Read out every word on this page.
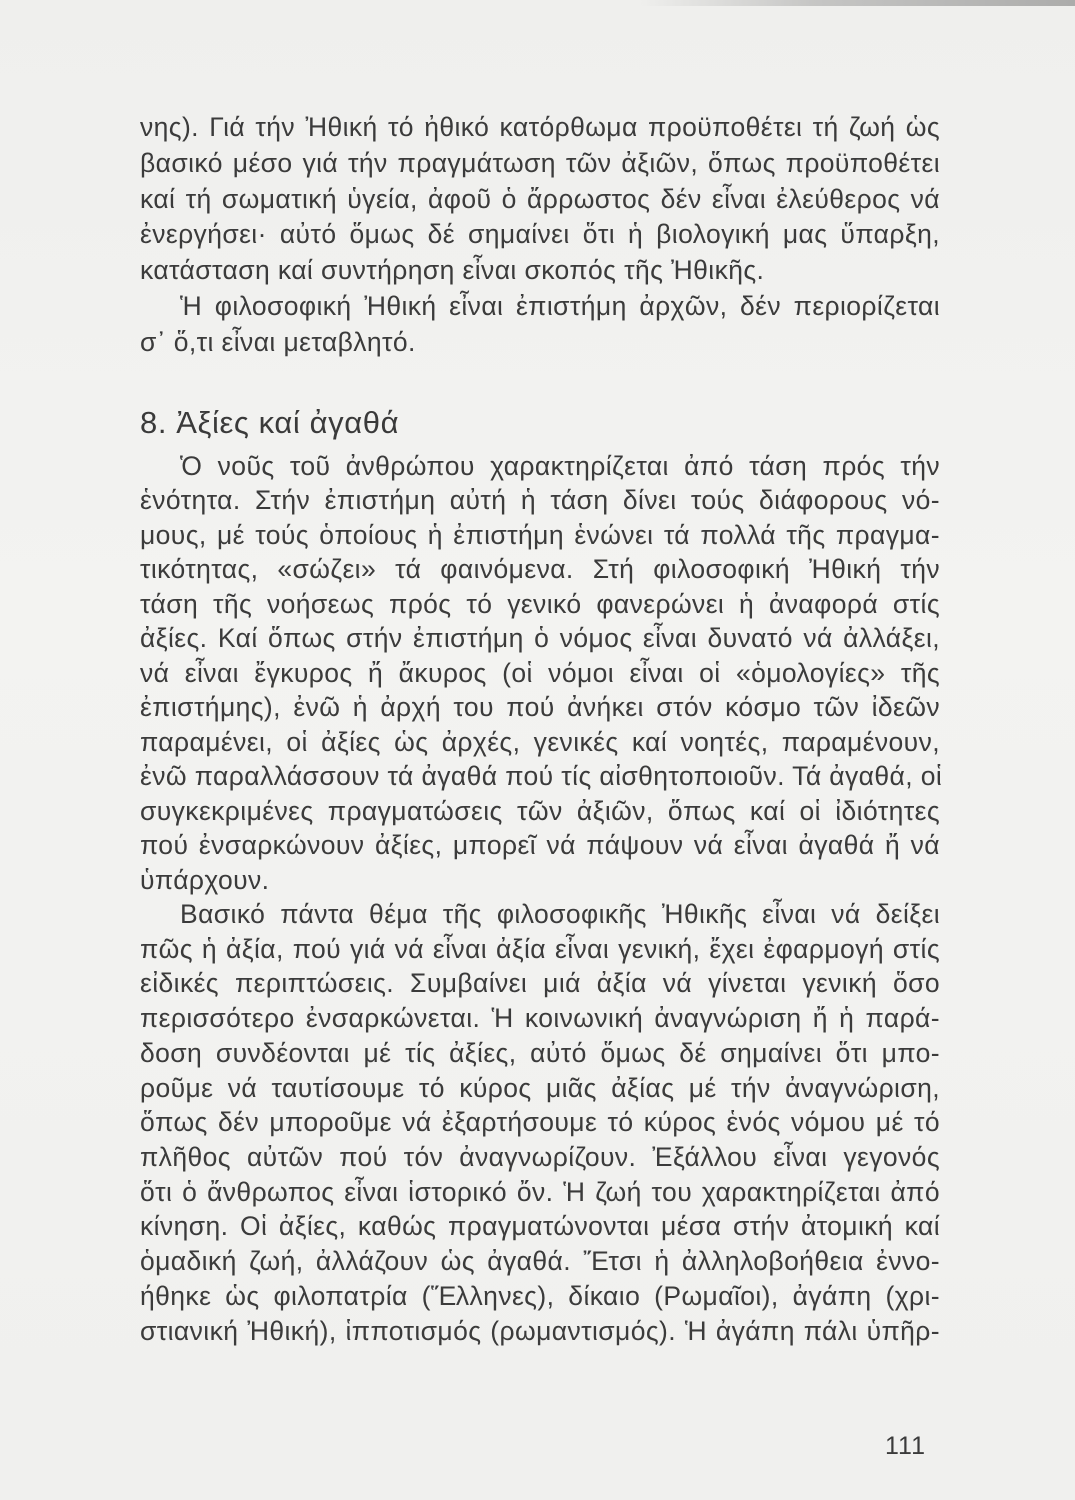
νης). Γιά τήν Ἠθική τό ἠθικό κατόρθωμα προϋποθέτει τή ζωή ὡς
βασικό μέσο γιά τήν πραγμάτωση τῶν ἀξιῶν, ὅπως προϋποθέτει
καί τή σωματική ὑγεία, ἀφοῦ ὁ ἄρρωστος δέν εἶναι ἐλεύθερος νά
ἐνεργήσει· αὐτό ὅμως δέ σημαίνει ὅτι ἡ βιολογική μας ὕπαρξη,
κατάσταση καί συντήρηση εἶναι σκοπός τῆς Ἠθικῆς.
Ἡ φιλοσοφική Ἠθική εἶναι ἐπιστήμη ἀρχῶν, δέν περιορίζεται
σ᾽ ὅ,τι εἶναι μεταβλητό.
8. Ἀξίες καί ἀγαθά
Ὁ νοῦς τοῦ ἀνθρώπου χαρακτηρίζεται ἀπό τάση πρός τήν
ἑνότητα. Στήν ἐπιστήμη αὐτή ἡ τάση δίνει τούς διάφορους νό-
μους, μέ τούς ὁποίους ἡ ἐπιστήμη ἑνώνει τά πολλά τῆς πραγμα-
τικότητας, «σώζει» τά φαινόμενα. Στή φιλοσοφική Ἠθική τήν
τάση τῆς νοήσεως πρός τό γενικό φανερώνει ἡ ἀναφορά στίς
ἀξίες. Καί ὅπως στήν ἐπιστήμη ὁ νόμος εἶναι δυνατό νά ἀλλάξει,
νά εἶναι ἔγκυρος ἤ ἄκυρος (οἱ νόμοι εἶναι οἱ «ὁμολογίες» τῆς
ἐπιστήμης), ἐνῶ ἡ ἀρχή του πού ἀνήκει στόν κόσμο τῶν ἰδεῶν
παραμένει, οἱ ἀξίες ὡς ἀρχές, γενικές καί νοητές, παραμένουν,
ἐνῶ παραλλάσσουν τά ἀγαθά πού τίς αἰσθητοποιοῦν. Τά ἀγαθά, οἱ
συγκεκριμένες πραγματώσεις τῶν ἀξιῶν, ὅπως καί οἱ ἰδιότητες
πού ἐνσαρκώνουν ἀξίες, μπορεῖ νά πάψουν νά εἶναι ἀγαθά ἤ νά
ὑπάρχουν.
Βασικό πάντα θέμα τῆς φιλοσοφικῆς Ἠθικῆς εἶναι νά δείξει
πῶς ἡ ἀξία, πού γιά νά εἶναι ἀξία εἶναι γενική, ἔχει ἐφαρμογή στίς
εἰδικές περιπτώσεις. Συμβαίνει μιά ἀξία νά γίνεται γενική ὅσο
περισσότερο ἐνσαρκώνεται. Ἡ κοινωνική ἀναγνώριση ἤ ἡ παρά-
δοση συνδέονται μέ τίς ἀξίες, αὐτό ὅμως δέ σημαίνει ὅτι μπο-
ροῦμε νά ταυτίσουμε τό κύρος μιᾶς ἀξίας μέ τήν ἀναγνώριση,
ὅπως δέν μποροῦμε νά ἐξαρτήσουμε τό κύρος ἑνός νόμου μέ τό
πλῆθος αὐτῶν πού τόν ἀναγνωρίζουν. Ἐξάλλου εἶναι γεγονός
ὅτι ὁ ἄνθρωπος εἶναι ἱστορικό ὄν. Ἡ ζωή του χαρακτηρίζεται ἀπό
κίνηση. Οἱ ἀξίες, καθώς πραγματώνονται μέσα στήν ἀτομική καί
ὁμαδική ζωή, ἀλλάζουν ὡς ἀγαθά. Ἔτσι ἡ ἀλληλοβοήθεια ἐννο-
ήθηκε ὡς φιλοπατρία (Ἕλληνες), δίκαιο (Ρωμαῖοι), ἀγάπη (χρι-
στιανική Ἠθική), ἱπποτισμός (ρωμαντισμός). Ἡ ἀγάπη πάλι ὑπῆρ-
111
